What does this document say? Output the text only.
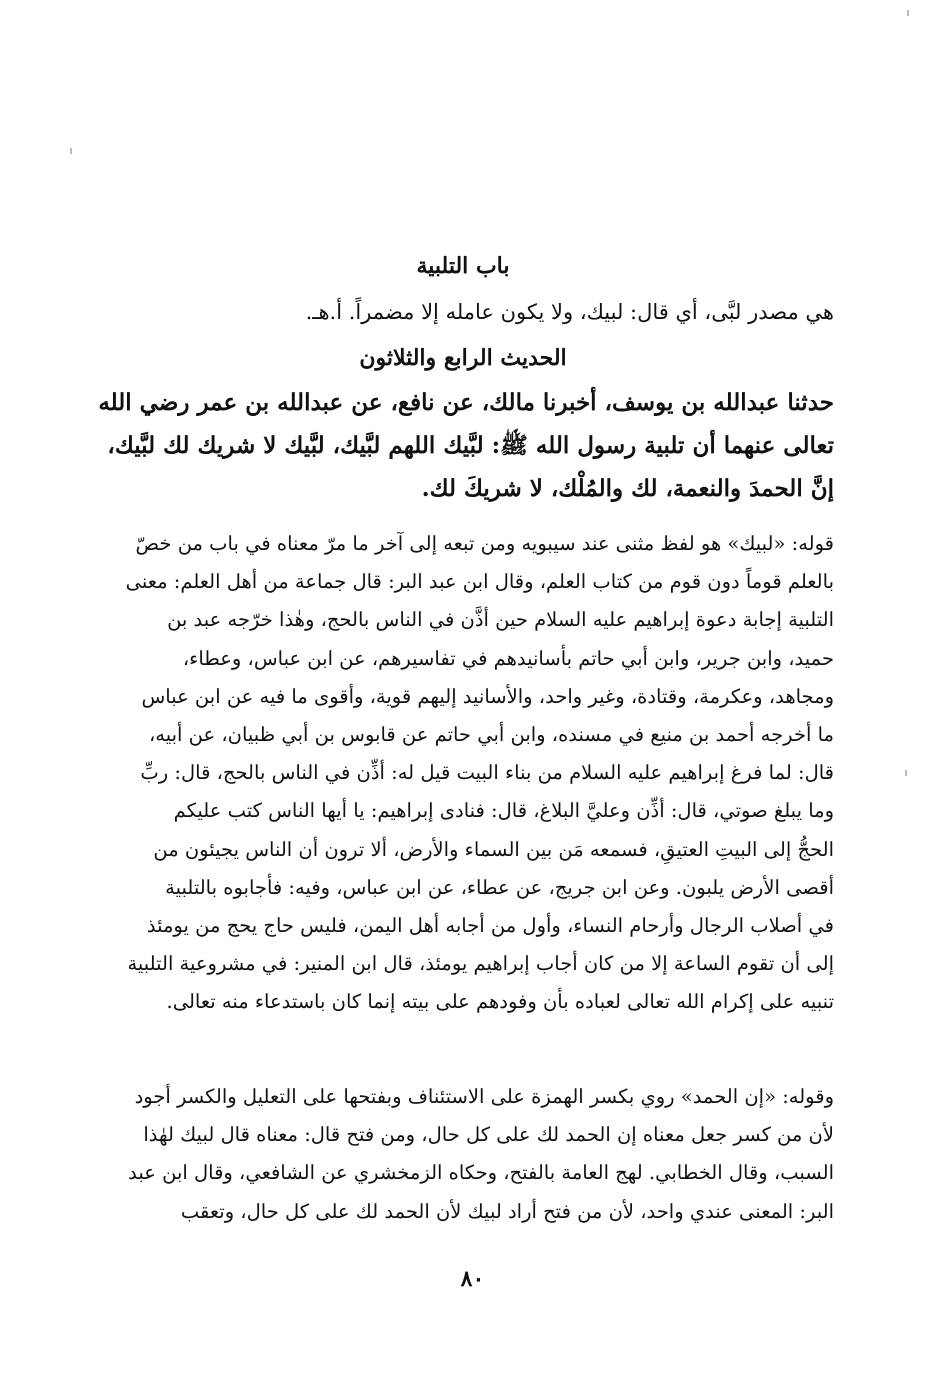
باب التلبية
هي مصدر لبَّى، أي قال: لبيك، ولا يكون عامله إلا مضمراً. أ.هـ.
الحديث الرابع والثلاثون

حدثنا عبدالله بن يوسف، أخبرنا مالك، عن نافع، عن عبدالله بن عمر رضي الله

تعالى عنهما أن تلبية رسول الله ﷺ: لبَّيك اللهم لبَّيك، لبَّيك لا شريك لك لبَّيك،

إنَّ الحمدَ والنعمة، لك والمُلْك، لا شريكَ لك.

قوله: «لبيك» هو لفظ مثنى عند سيبويه ومن تبعه إلى آخر ما مرّ معناه في باب من خصّ

بالعلم قوماً دون قوم من كتاب العلم، وقال ابن عبد البر: قال جماعة من أهل العلم: معنى

التلبية إجابة دعوة إبراهيم عليه السلام حين أذَّن في الناس بالحج، وهٰذا خرّجه عبد بن

حميد، وابن جرير، وابن أبي حاتم بأسانيدهم في تفاسيرهم، عن ابن عباس، وعطاء،

ومجاهد، وعكرمة، وقتادة، وغير واحد، والأسانيد إليهم قوية، وأقوى ما فيه عن ابن عباس

ما أخرجه أحمد بن منيع في مسنده، وابن أبي حاتم عن قابوس بن أبي ظبيان، عن أبيه،

قال: لما فرغ إبراهيم عليه السلام من بناء البيت قيل له: أذِّن في الناس بالحج، قال: ربِّ

وما يبلغ صوتي، قال: أذِّن وعليَّ البلاغ، قال: فنادى إبراهيم: يا أيها الناس كتب عليكم

الحجُّ إلى البيتِ العتيقِ، فسمعه مَن بين السماء والأرض، ألا ترون أن الناس يجيئون من

أقصى الأرض يلبون. وعن ابن جريج، عن عطاء، عن ابن عباس، وفيه: فأجابوه بالتلبية

في أصلاب الرجال وأرحام النساء، وأول من أجابه أهل اليمن، فليس حاج يحج من يومئذ

إلى أن تقوم الساعة إلا من كان أجاب إبراهيم يومئذ، قال ابن المنير: في مشروعية التلبية

تنبيه على إكرام الله تعالى لعباده بأن وفودهم على بيته إنما كان باستدعاء منه تعالى.

وقوله: «إن الحمد» روي بكسر الهمزة على الاستئناف وبفتحها على التعليل والكسر أجود

لأن من كسر جعل معناه إن الحمد لك على كل حال، ومن فتح قال: معناه قال لبيك لهٰذا

السبب، وقال الخطابي. لهج العامة بالفتح، وحكاه الزمخشري عن الشافعي، وقال ابن عبد

البر: المعنى عندي واحد، لأن من فتح أراد لبيك لأن الحمد لك على كل حال، وتعقب

٨٠
